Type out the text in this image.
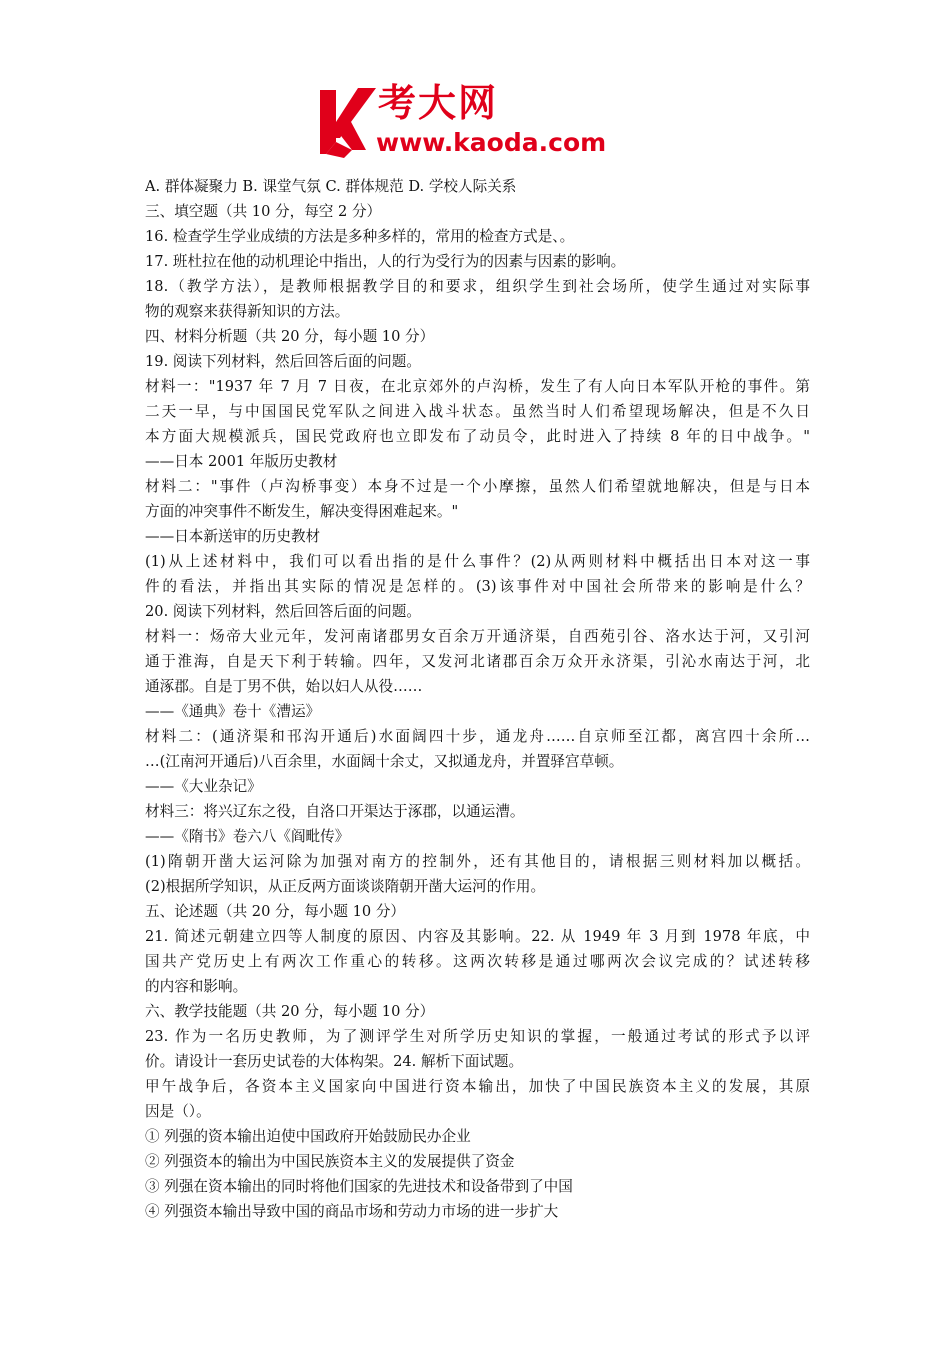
考大网
www.kaoda.com
A. 群体凝聚力 B. 课堂气氛 C. 群体规范 D. 学校人际关系
三、填空题（共 10 分，每空 2 分）
16. 检查学生学业成绩的方法是多种多样的，常用的检查方式是、。
17. 班杜拉在他的动机理论中指出，人的行为受行为的因素与因素的影响。
18.（教学方法），是教师根据教学目的和要求，组织学生到社会场所，使学生通过对实际事
物的观察来获得新知识的方法。
四、材料分析题（共 20 分，每小题 10 分）
19. 阅读下列材料，然后回答后面的问题。
材料一："1937 年 7 月 7 日夜，在北京郊外的卢沟桥，发生了有人向日本军队开枪的事件。第
二天一早，与中国国民党军队之间进入战斗状态。虽然当时人们希望现场解决，但是不久日
本方面大规模派兵，国民党政府也立即发布了动员令，此时进入了持续 8 年的日中战争。"
——日本 2001 年版历史教材
材料二："事件（卢沟桥事变）本身不过是一个小摩擦，虽然人们希望就地解决，但是与日本
方面的冲突事件不断发生，解决变得困难起来。"
——日本新送审的历史教材
(1)从上述材料中，我们可以看出指的是什么事件？(2)从两则材料中概括出日本对这一事
件的看法，并指出其实际的情况是怎样的。(3)该事件对中国社会所带来的影响是什么？
20. 阅读下列材料，然后回答后面的问题。
材料一：炀帝大业元年，发河南诸郡男女百余万开通济渠，自西苑引谷、洛水达于河，又引河
通于淮海，自是天下利于转输。四年，又发河北诸郡百余万众开永济渠，引沁水南达于河，北
通涿郡。自是丁男不供，始以妇人从役……
——《通典》卷十《漕运》
材料二：(通济渠和邗沟开通后)水面阔四十步，通龙舟……自京师至江都，离宫四十余所…
…(江南河开通后)八百余里，水面阔十余丈，又拟通龙舟，并置驿宫草顿。
——《大业杂记》
材料三：将兴辽东之役，自洛口开渠达于涿郡，以通运漕。
——《隋书》卷六八《阎毗传》
(1)隋朝开凿大运河除为加强对南方的控制外，还有其他目的，请根据三则材料加以概括。
(2)根据所学知识，从正反两方面谈谈隋朝开凿大运河的作用。
五、论述题（共 20 分，每小题 10 分）
21. 简述元朝建立四等人制度的原因、内容及其影响。22. 从 1949 年 3 月到 1978 年底，中
国共产党历史上有两次工作重心的转移。这两次转移是通过哪两次会议完成的？试述转移
的内容和影响。
六、教学技能题（共 20 分，每小题 10 分）
23. 作为一名历史教师，为了测评学生对所学历史知识的掌握，一般通过考试的形式予以评
价。请设计一套历史试卷的大体构架。24. 解析下面试题。
甲午战争后，各资本主义国家向中国进行资本输出，加快了中国民族资本主义的发展，其原
因是（）。
① 列强的资本输出迫使中国政府开始鼓励民办企业
② 列强资本的输出为中国民族资本主义的发展提供了资金
③ 列强在资本输出的同时将他们国家的先进技术和设备带到了中国
④ 列强资本输出导致中国的商品市场和劳动力市场的进一步扩大
